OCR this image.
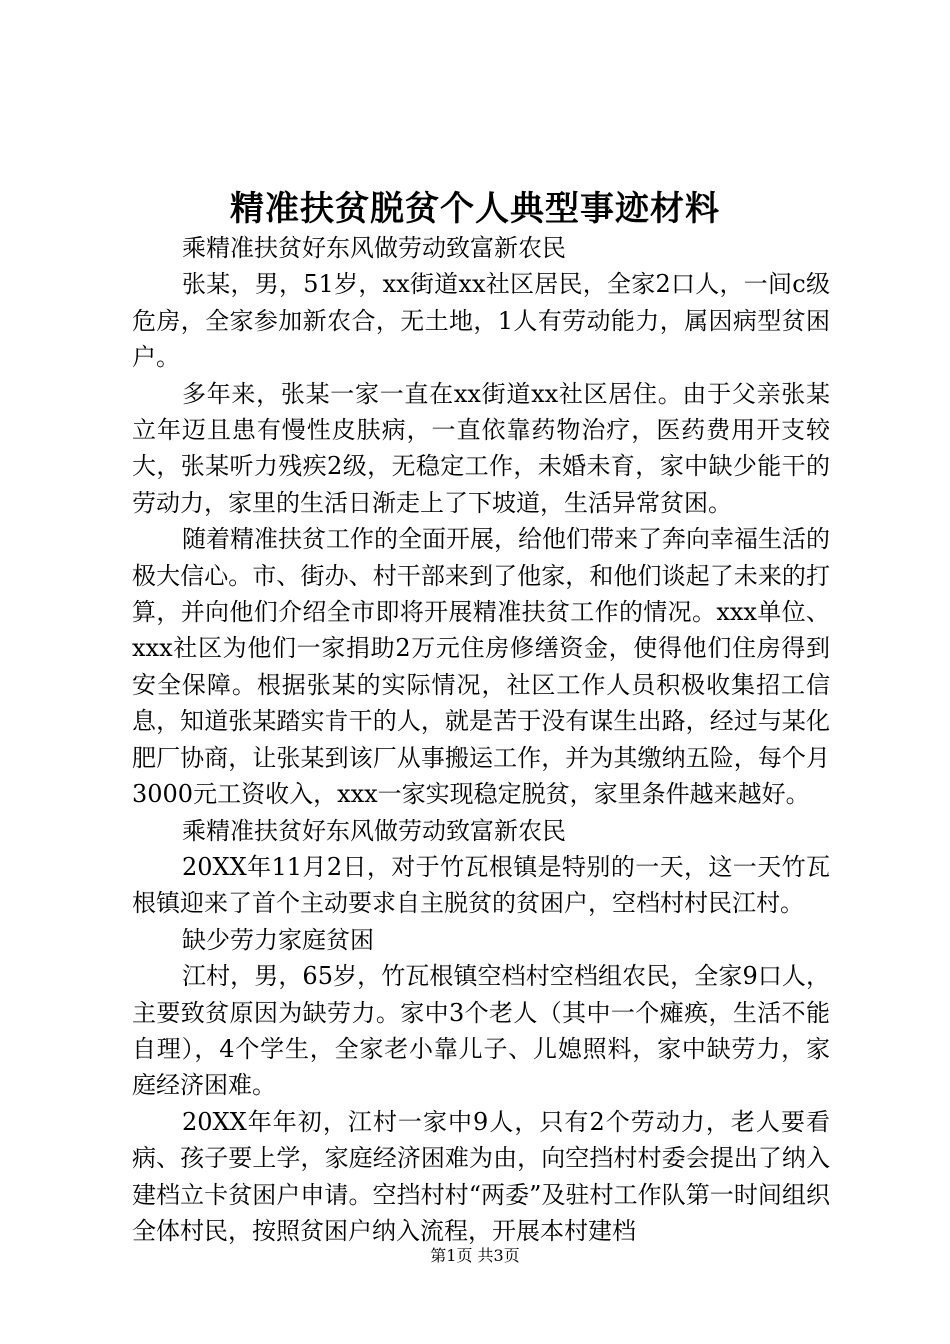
精准扶贫脱贫个人典型事迹材料

乘精准扶贫好东风做劳动致富新农民

张某，男，51岁，xx街道xx社区居民，全家2口人，一间c级危房，全家参加新农合，无土地，1人有劳动能力，属因病型贫困户。

多年来，张某一家一直在xx街道xx社区居住。由于父亲张某立年迈且患有慢性皮肤病，一直依靠药物治疗，医药费用开支较大，张某听力残疾2级，无稳定工作，未婚未育，家中缺少能干的劳动力，家里的生活日渐走上了下坡道，生活异常贫困。

随着精准扶贫工作的全面开展，给他们带来了奔向幸福生活的极大信心。市、街办、村干部来到了他家，和他们谈起了未来的打算，并向他们介绍全市即将开展精准扶贫工作的情况。xxx单位、xxx社区为他们一家捐助2万元住房修缮资金，使得他们住房得到安全保障。根据张某的实际情况，社区工作人员积极收集招工信息，知道张某踏实肯干的人，就是苦于没有谋生出路，经过与某化肥厂协商，让张某到该厂从事搬运工作，并为其缴纳五险，每个月3000元工资收入，xxx一家实现稳定脱贫，家里条件越来越好。

乘精准扶贫好东风做劳动致富新农民

20XX年11月2日，对于竹瓦根镇是特别的一天，这一天竹瓦根镇迎来了首个主动要求自主脱贫的贫困户，空档村村民江村。

缺少劳力家庭贫困

江村，男，65岁，竹瓦根镇空档村空档组农民，全家9口人，主要致贫原因为缺劳力。家中3个老人（其中一个瘫痪，生活不能自理），4个学生，全家老小靠儿子、儿媳照料，家中缺劳力，家庭经济困难。

20XX年年初，江村一家中9人，只有2个劳动力，老人要看病、孩子要上学，家庭经济困难为由，向空挡村村委会提出了纳入建档立卡贫困户申请。空挡村村“两委”及驻村工作队第一时间组织全体村民，按照贫困户纳入流程，开展本村建档

第1页 共3页
